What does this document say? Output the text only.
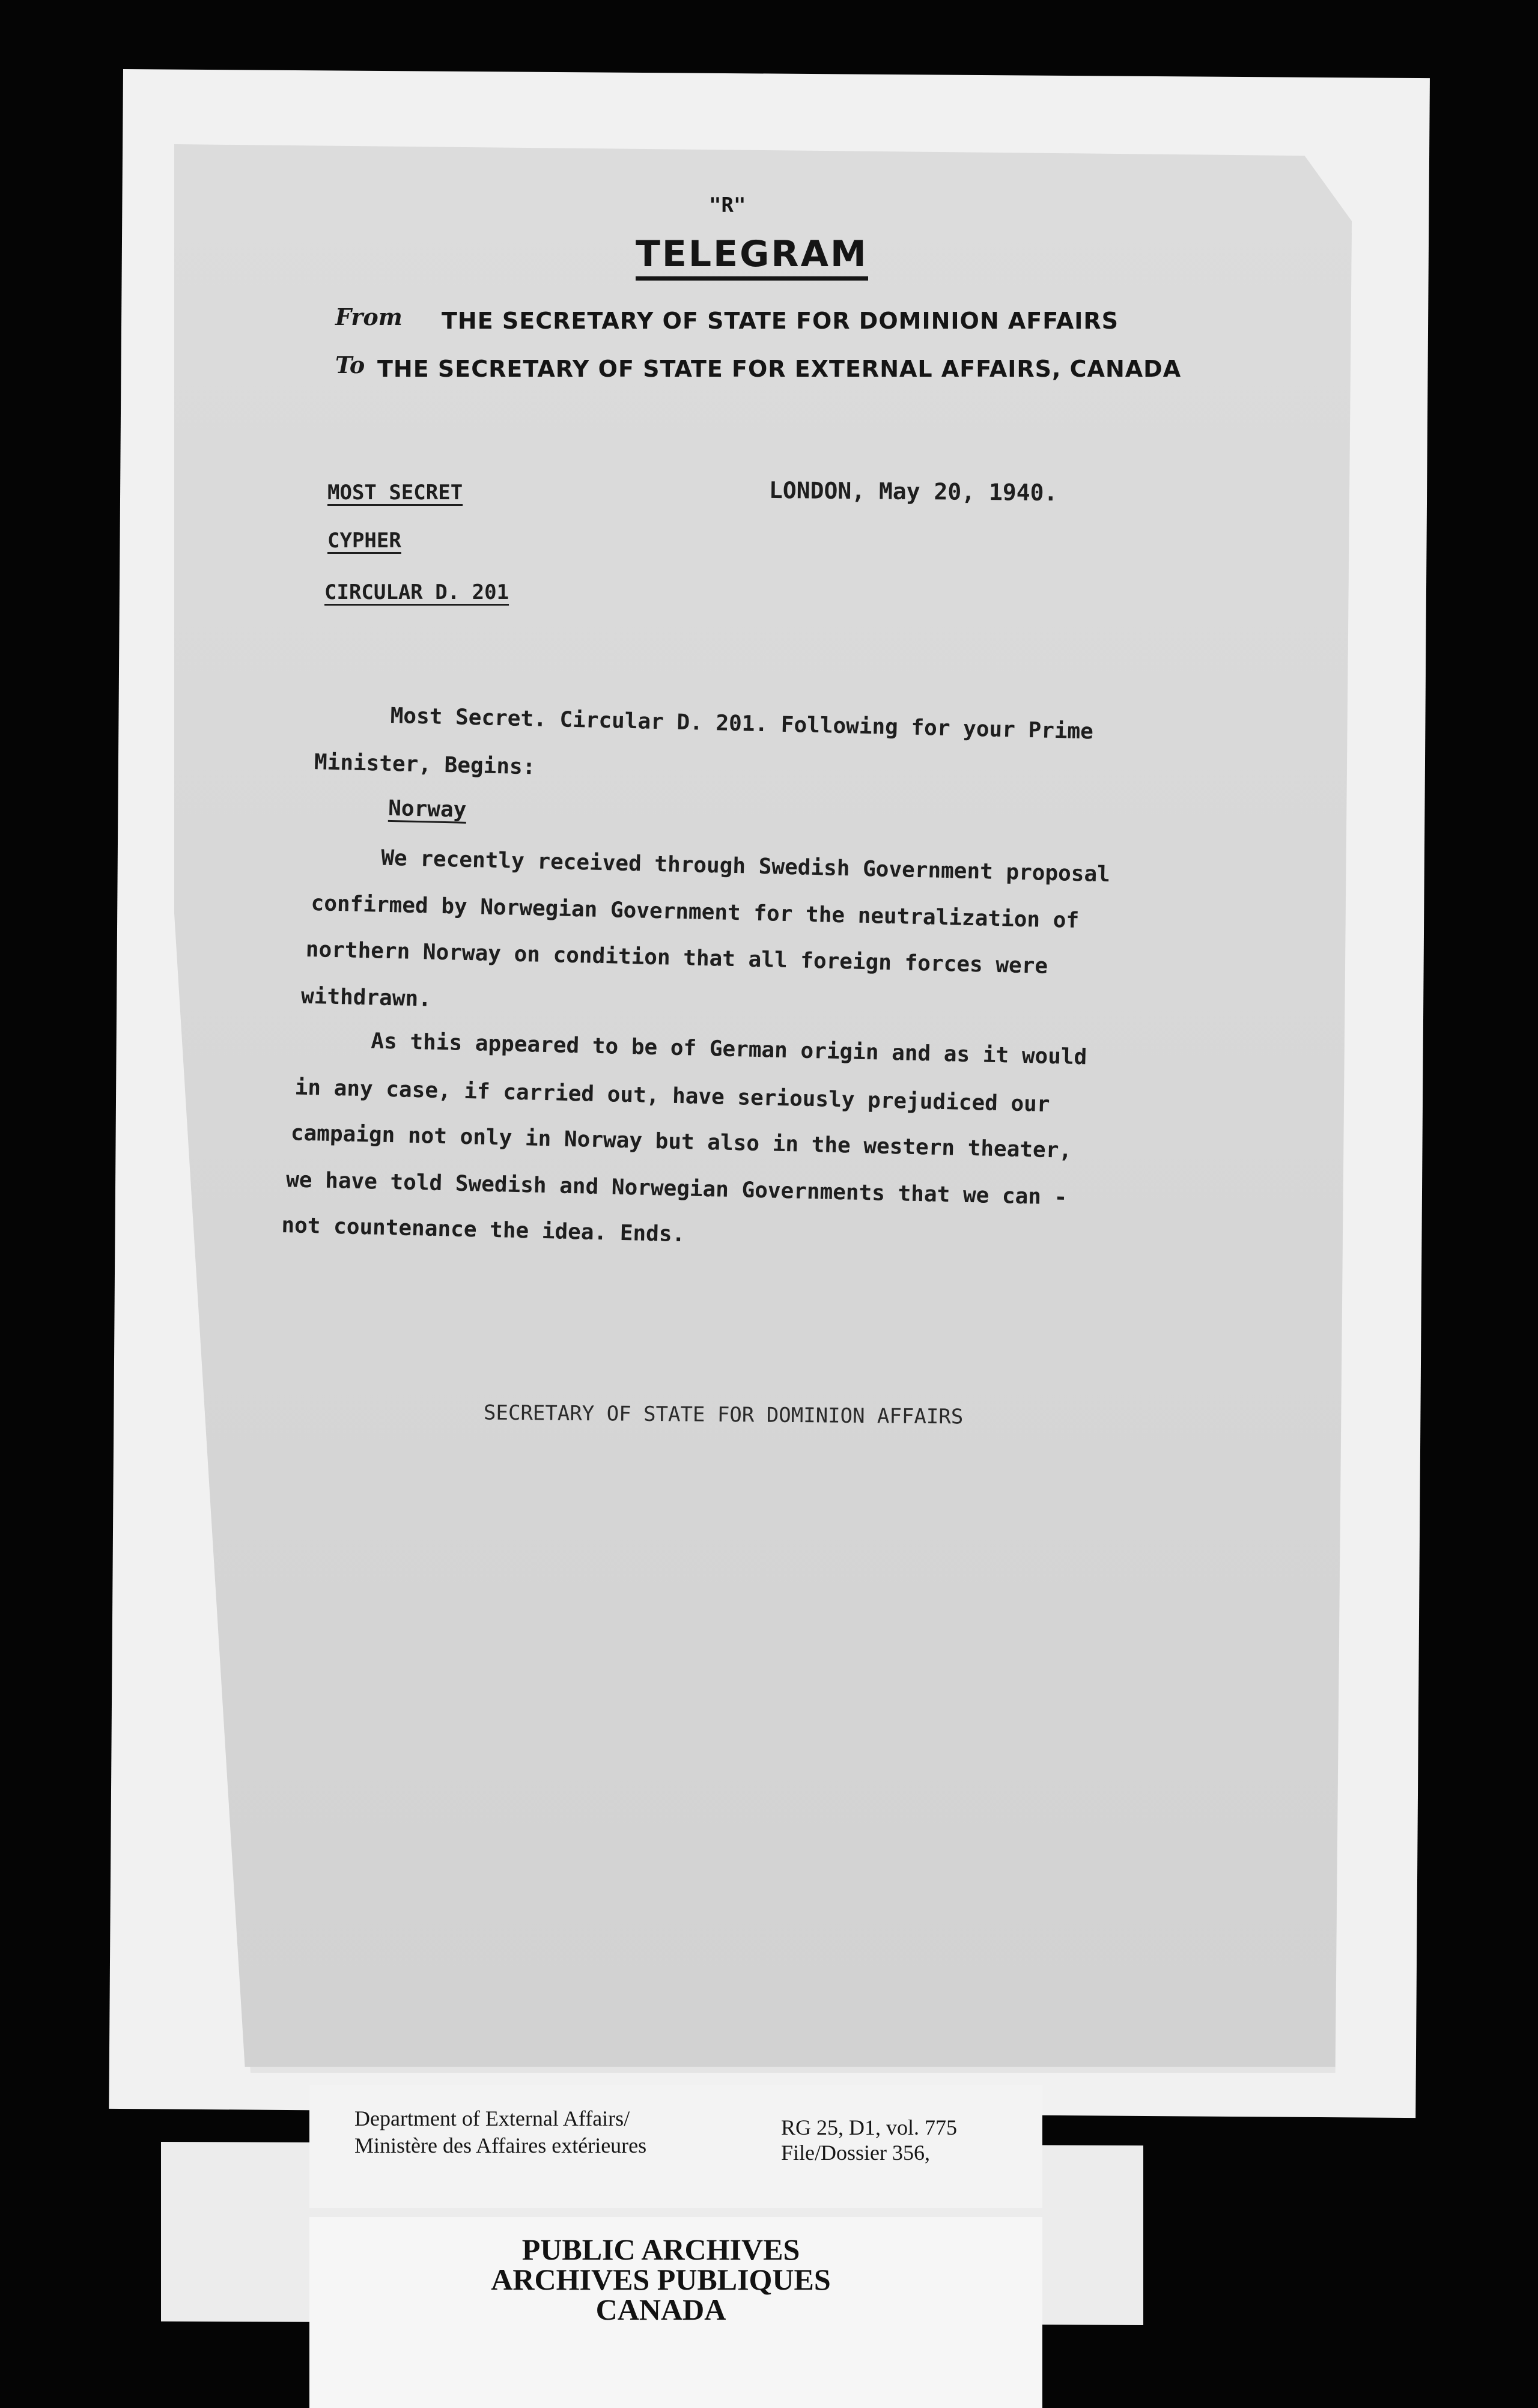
"R"
TELEGRAM
From THE SECRETARY OF STATE FOR DOMINION AFFAIRS
To THE SECRETARY OF STATE FOR EXTERNAL AFFAIRS, CANADA
MOST SECRET
CYPHER
CIRCULAR D. 201
LONDON, May 20, 1940.
Most Secret. Circular D. 201. Following for your Prime
Minister, Begins:
Norway
We recently received through Swedish Government proposal
confirmed by Norwegian Government for the neutralization of
northern Norway on condition that all foreign forces were
withdrawn.
As this appeared to be of German origin and as it would
in any case, if carried out, have seriously prejudiced our
campaign not only in Norway but also in the western theater,
we have told Swedish and Norwegian Governments that we can -
not countenance the idea. Ends.
SECRETARY OF STATE FOR DOMINION AFFAIRS
Department of External Affairs/
Ministère des Affaires extérieures
RG 25, D1, vol. 775
File/Dossier 356,
PUBLIC ARCHIVES
ARCHIVES PUBLIQUES
CANADA
